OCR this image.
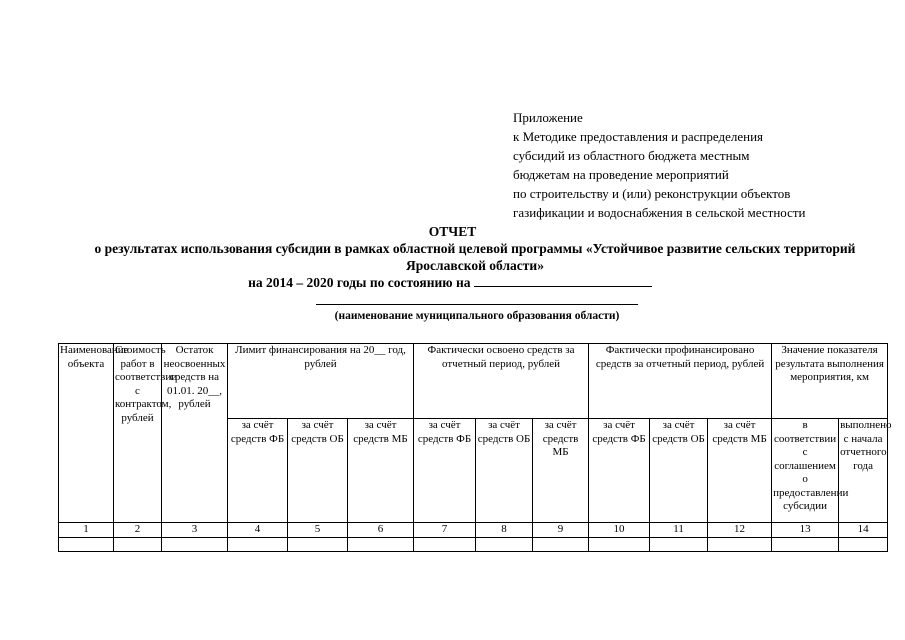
Приложение
к Методике предоставления и распределения
субсидий из областного бюджета местным
бюджетам на проведение мероприятий
по строительству и (или) реконструкции объектов
газификации и водоснабжения в сельской местности
ОТЧЕТ
о результатах использования субсидии в рамках областной целевой программы «Устойчивое развитие сельских территорий Ярославской области»
на 2014 – 2020 годы по состоянию на
(наименование муниципального образования области)
Наименование объекта	Стоимость работ в соответствии с контрактом, рублей	Остаток неосвоенных средств на 01.01. 20__, рублей	Лимит финансирования на 20__ год, рублей			Фактически освоено средств за отчетный период, рублей			Фактически профинансировано средств за отчетный период, рублей			Значение показателя результата выполнения мероприятия, км	
			за счёт средств ФБ	за счёт средств ОБ	за счёт средств МБ	за счёт средств ФБ	за счёт средств ОБ	за счёт средств МБ	за счёт средств ФБ	за счёт средств ОБ	за счёт средств МБ	в соответствии с соглашением о предоставлении субсидии	выполнено с начала отчетного года
1	2	3	4	5	6	7	8	9	10	11	12	13	14
